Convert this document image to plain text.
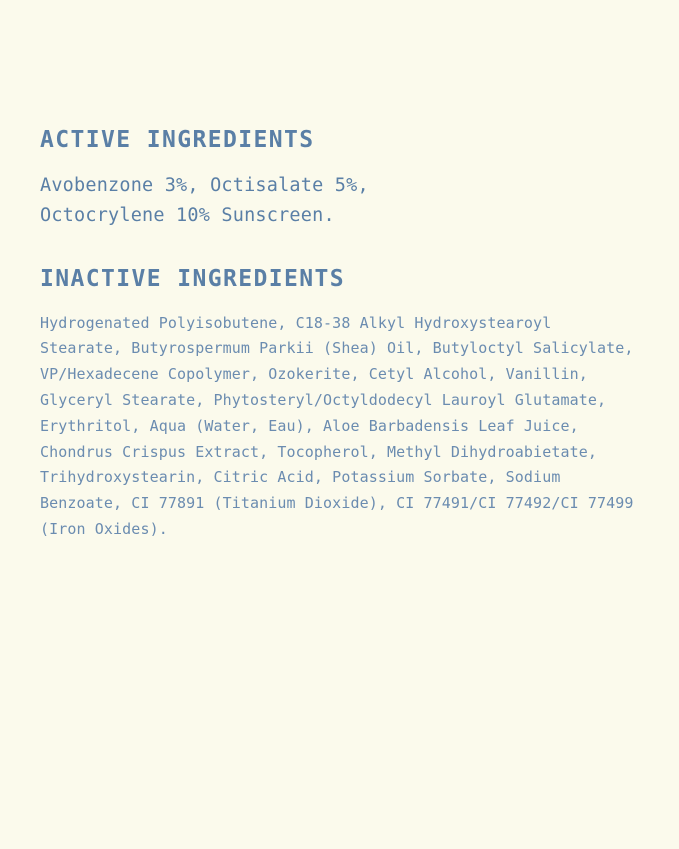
ACTIVE INGREDIENTS

Avobenzone 3%, Octisalate 5%, Octocrylene 10% Sunscreen.

INACTIVE INGREDIENTS

Hydrogenated Polyisobutene, C18-38 Alkyl Hydroxystearoyl Stearate, Butyrospermum Parkii (Shea) Oil, Butyloctyl Salicylate, VP/Hexadecene Copolymer, Ozokerite, Cetyl Alcohol, Vanillin, Glyceryl Stearate, Phytosteryl/Octyldodecyl Lauroyl Glutamate, Erythritol, Aqua (Water, Eau), Aloe Barbadensis Leaf Juice, Chondrus Crispus Extract, Tocopherol, Methyl Dihydroabietate, Trihydroxystearin, Citric Acid, Potassium Sorbate, Sodium Benzoate, CI 77891 (Titanium Dioxide), CI 77491/CI 77492/CI 77499 (Iron Oxides).
